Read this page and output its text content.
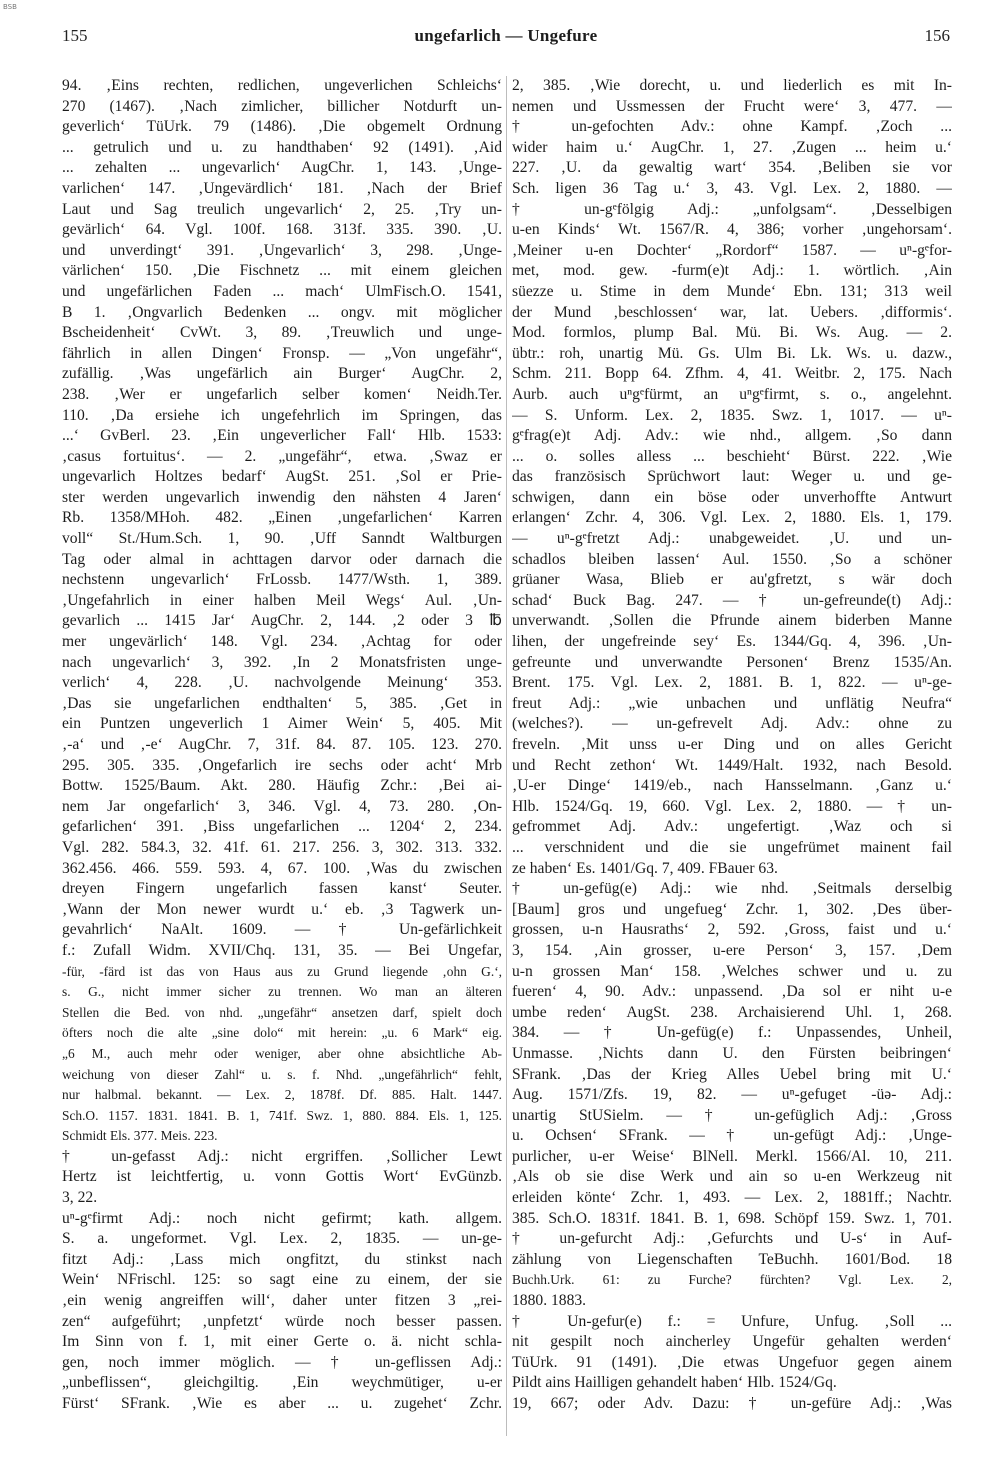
BSB
155	ungefarlich — Ungefure	156
94. ‚Eins rechten, redlichen, ungeverlichen Schleichs‘
270 (1467). ‚Nach zimlicher, billicher Notdurft un-
geverlich‘ TüUrk. 79 (1486). ‚Die obgemelt Ordnung
... getrulich und u. zu handthaben‘ 92 (1491). ‚Aid
... zehalten ... ungevarlich‘ AugChr. 1, 143. ‚Unge-
varlichen‘ 147. ‚Ungevärdlich‘ 181. ‚Nach der Brief
Laut und Sag treulich ungevarlich‘ 2, 25. ‚Try un-
gevärlich‘ 64. Vgl. 100f. 168. 313f. 335. 390. ‚U.
und unverdingt‘ 391. ‚Ungevarlich‘ 3, 298. ‚Unge-
värlichen‘ 150. ‚Die Fischnetz ... mit einem gleichen
und ungefärlichen Faden ... mach‘ UlmFisch.O. 1541,
B 1. ‚Ongvarlich Bedenken ... ongv. mit möglicher
Bscheidenheit‘ CvWt. 3, 89. ‚Treuwlich und unge-
fährlich in allen Dingen‘ Fronsp. — „Von ungefähr“,
zufällig. ‚Was ungefärlich ain Burger‘ AugChr. 2,
238. ‚Wer er ungefarlich selber komen‘ Neidh.Ter.
110. ‚Da ersiehe ich ungefehrlich im Springen, das
...‘ GvBerl. 23. ‚Ein ungeverlicher Fall‘ Hlb. 1533:
‚casus fortuitus‘. — 2. „ungefähr“, etwa. ‚Swaz er
ungevarlich Holtzes bedarf‘ AugSt. 251. ‚Sol er Prie-
ster werden ungevarlich inwendig den nähsten 4 Jaren‘
Rb. 1358/MHoh. 482. „Einen ‚ungefarlichen‘ Karren
voll“ St./Hum.Sch. 1, 90. ‚Uff Sanndt Waltburgen
Tag oder almal in achttagen darvor oder darnach die
nechstenn ungevarlich‘ FrLossb. 1477/Wsth. 1, 389.
‚Ungefahrlich in einer halben Meil Wegs‘ Aul. ‚Un-
gevarlich ... 1415 Jar‘ AugChr. 2, 144. ‚2 oder 3 ℔
mer ungevärlich‘ 148. Vgl. 234. ‚Achtag for oder
nach ungevarlich‘ 3, 392. ‚In 2 Monatsfristen unge-
verlich‘ 4, 228. ‚U. nachvolgende Meinung‘ 353.
‚Das sie ungefarlichen endthalten‘ 5, 385. ‚Get in
ein Puntzen ungeverlich 1 Aimer Wein‘ 5, 405. Mit
‚-a‘ und ‚-e‘ AugChr. 7, 31f. 84. 87. 105. 123. 270.
295. 305. 335. ‚Ongefarlich ire sechs oder acht‘ Mrb
Bottw. 1525/Baum. Akt. 280. Häufig Zchr.: ‚Bei ai-
nem Jar ongefarlich‘ 3, 346. Vgl. 4, 73. 280. ‚On-
gefarlichen‘ 391. ‚Biss ungefarlichen ... 1204‘ 2, 234.
Vgl. 282. 584.3, 32. 41f. 61. 217. 256. 3, 302. 313. 332.
362.456. 466. 559. 593. 4, 67. 100. ‚Was du zwischen
dreyen Fingern ungefarlich fassen kanst‘ Seuter.
‚Wann der Mon newer wurdt u.‘ eb. ‚3 Tagwerk un-
gevahrlich‘ NaAlt. 1609. — † Un-gefärlichkeit
f.: Zufall Widm. XVII/Chq. 131, 35. — Bei Ungefar,
-für, -färd ist das von Haus aus zu Grund liegende ‚ohn G.‘,
s. G., nicht immer sicher zu trennen. Wo man an älteren
Stellen die Bed. von nhd. „ungefähr“ ansetzen darf, spielt doch
öfters noch die alte „sine dolo“ mit herein: „u. 6 Mark“ eig.
„6 M., auch mehr oder weniger, aber ohne absichtliche Ab-
weichung von dieser Zahl“ u. s. f. Nhd. „ungefährlich“ fehlt,
nur halbmal. bekannt. — Lex. 2, 1878f. Df. 885. Halt. 1447.
Sch.O. 1157. 1831. 1841. B. 1, 741f. Swz. 1, 880. 884. Els. 1, 125.
Schmidt Els. 377. Meis. 223.
† un-gefasst Adj.: nicht ergriffen. ‚Sollicher Lewt
Hertz ist leichtfertig, u. vonn Gottis Wort‘ EvGünzb.
3, 22.
uⁿ-gᵉfirmt Adj.: noch nicht gefirmt; kath. allgem.
S. a. ungeformet. Vgl. Lex. 2, 1835. — un-ge-
fitzt Adj.: ‚Lass mich ongfitzt, du stinkst nach
Wein‘ NFrischl. 125: so sagt eine zu einem, der sie
‚ein wenig angreiffen will‘, daher unter fitzen 3 „rei-
zen“ aufgeführt; ‚unpfetzt‘ würde noch besser passen.
Im Sinn von f. 1, mit einer Gerte o. ä. nicht schla-
gen, noch immer möglich. — † un-geflissen Adj.:
„unbeflissen“, gleichgiltig. ‚Ein weychmütiger, u-er
Fürst‘ SFrank. ‚Wie es aber ... u. zugehet‘ Zchr.
2, 385. ‚Wie dorecht, u. und liederlich es mit In-
nemen und Ussmessen der Frucht were‘ 3, 477. —
† un-gefochten Adv.: ohne Kampf. ‚Zoch ...
wider haim u.‘ AugChr. 1, 27. ‚Zugen ... heim u.‘
227. ‚U. da gewaltig wart‘ 354. ‚Beliben sie vor
Sch. ligen 36 Tag u.‘ 3, 43. Vgl. Lex. 2, 1880. —
† un-gᵉfölgig Adj.: „unfolgsam“. ‚Desselbigen
u-en Kinds‘ Wt. 1567/R. 4, 386; vorher ‚ungehorsam‘.
‚Meiner u-en Dochter‘ „Rordorf“ 1587. — uⁿ-gᵉfor-
met, mod. gew. -furm(e)t Adj.: 1. wörtlich. ‚Ain
süezze u. Stime in dem Munde‘ Ebn. 131; 313 weil
der Mund ‚beschlossen‘ war, lat. Uebers. ‚difformis‘.
Mod. formlos, plump Bal. Mü. Bi. Ws. Aug. — 2.
übtr.: roh, unartig Mü. Gs. Ulm Bi. Lk. Ws. u. dazw.,
Schm. 211. Bopp 64. Zfhm. 4, 41. Weitbr. 2, 175. Nach
Aurb. auch uⁿgᵉfürmt, an uⁿgᵉfirmt, s. o., angelehnt.
— S. Unform. Lex. 2, 1835. Swz. 1, 1017. — uⁿ-
gᵉfrag(e)t Adj. Adv.: wie nhd., allgem. ‚So dann
... o. solles alless ... beschieht‘ Bürst. 222. ‚Wie
das französisch Sprüchwort laut: Weger u. und ge-
schwigen, dann ein böse oder unverhoffte Antwurt
erlangen‘ Zchr. 4, 306. Vgl. Lex. 2, 1880. Els. 1, 179.
— uⁿ-gᵉfretzt Adj.: unabgeweidet. ‚U. und un-
schadlos bleiben lassen‘ Aul. 1550. ‚So a schöner
grüaner Wasa, Blieb er au'gfretzt, s wär doch
schad‘ Buck Bag. 247. — † un-gefreunde(t) Adj.:
unverwandt. ‚Sollen die Pfrunde ainem biderben Manne
lihen, der ungefreinde sey‘ Es. 1344/Gq. 4, 396. ‚Un-
gefreunte und unverwandte Personen‘ Brenz 1535/An.
Brent. 175. Vgl. Lex. 2, 1881. B. 1, 822. — uⁿ-ge-
freut Adj.: „wie unbachen und unflätig Neufra“
(welches?). — un-gefrevelt Adj. Adv.: ohne zu
freveln. ‚Mit unss u-er Ding und on alles Gericht
und Recht zethon‘ Wt. 1449/Halt. 1932, nach Besold.
‚U-er Dinge‘ 1419/eb., nach Hansselmann. ‚Ganz u.‘
Hlb. 1524/Gq. 19, 660. Vgl. Lex. 2, 1880. — † un-
gefrommet Adj. Adv.: ungefertigt. ‚Waz och si
... verschnident und die sie ungefrümet mainent fail
ze haben‘ Es. 1401/Gq. 7, 409. FBauer 63.
† un-gefüg(e) Adj.: wie nhd. ‚Seitmals derselbig
[Baum] gros und ungefueg‘ Zchr. 1, 302. ‚Des über-
grossen, u-n Hausraths‘ 2, 592. ‚Gross, faist und u.‘
3, 154. ‚Ain grosser, u-ere Person‘ 3, 157. ‚Dem
u-n grossen Man‘ 158. ‚Welches schwer und u. zu
fueren‘ 4, 90. Adv.: unpassend. ‚Da sol er niht u-e
umbe reden‘ AugSt. 238. Archaisierend Uhl. 1, 268.
384. — † Un-gefüg(e) f.: Unpassendes, Unheil,
Unmasse. ‚Nichts dann U. den Fürsten beibringen‘
SFrank. ‚Das der Krieg Alles Uebel bring mit U.‘
Aug. 1571/Zfs. 19, 82. — uⁿ-gefuget -üə- Adj.:
unartig StUSielm. — † un-gefüglich Adj.: ‚Gross
u. Ochsen‘ SFrank. — † un-gefügt Adj.: ‚Unge-
purlicher, u-er Weise‘ BlNell. Merkl. 1566/Al. 10, 211.
‚Als ob sie dise Werk und ain so u-en Werkzeug nit
erleiden könte‘ Zchr. 1, 493. — Lex. 2, 1881ff.; Nachtr.
385. Sch.O. 1831f. 1841. B. 1, 698. Schöpf 159. Swz. 1, 701.
† un-gefurcht Adj.: ‚Gefurchts und U-s‘ in Auf-
zählung von Liegenschaften TeBuchh. 1601/Bod. 18
Buchh.Urk. 61: zu Furche? fürchten? Vgl. Lex. 2,
1880. 1883.
† Un-gefur(e) f.: = Unfure, Unfug. ‚Soll ...
nit gespilt noch aincherley Ungefür gehalten werden‘
TüUrk. 91 (1491). ‚Die etwas Ungefuor gegen ainem
Pildt ains Hailligen gehandelt haben‘ Hlb. 1524/Gq.
19, 667; oder Adv. Dazu: † un-gefüre Adj.: ‚Was
